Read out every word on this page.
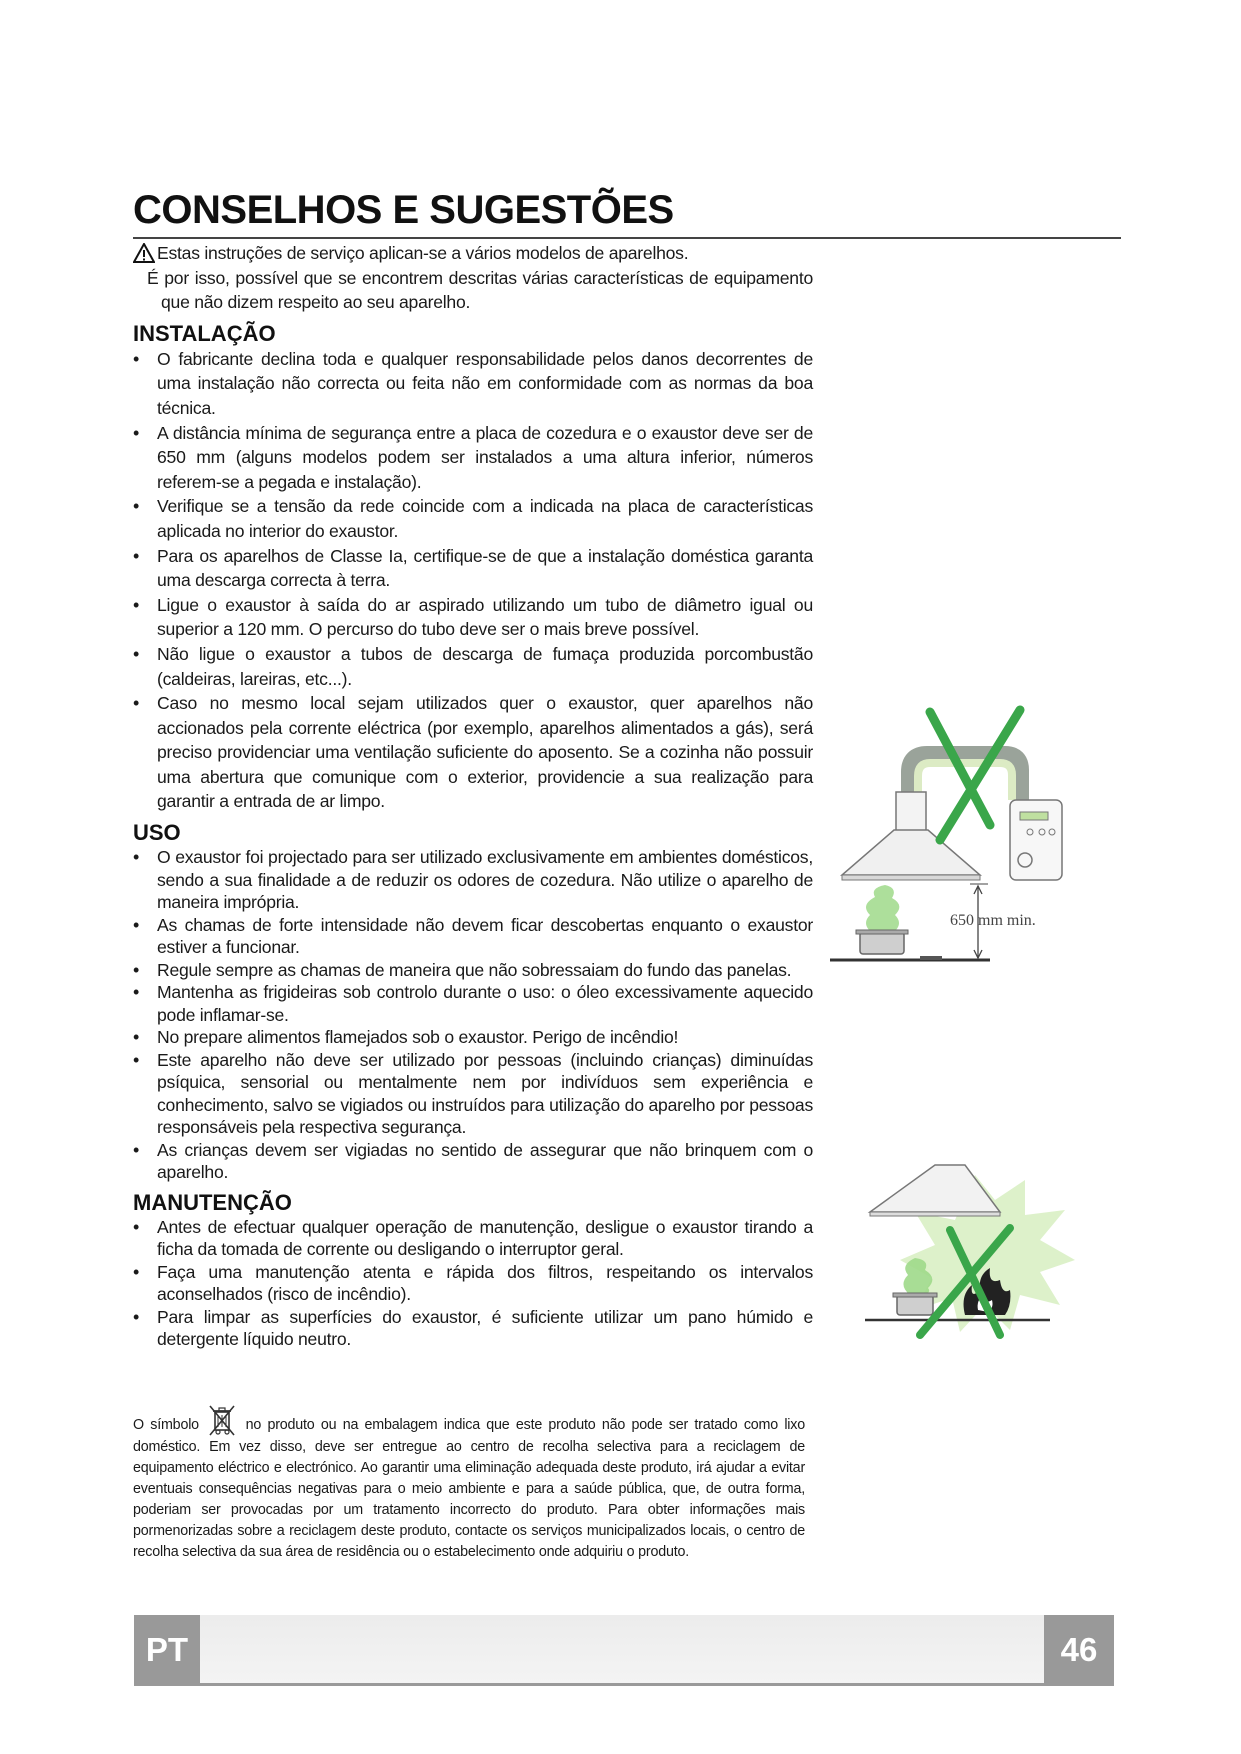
CONSELHOS E SUGESTÕES

Estas instruções de serviço aplican-se a vários modelos de aparelhos.

É por isso, possível que se encontrem descritas várias características de equipamento que não dizem respeito ao seu aparelho.

INSTALAÇÃO
• O fabricante declina toda e qualquer responsabilidade pelos danos decorrentes de uma instalação não correcta ou feita não em conformidade com as normas da boa técnica.
• A distância mínima de segurança entre a placa de cozedura e o exaustor deve ser de 650 mm (alguns modelos podem ser instalados a uma altura inferior, números referem-se a pegada e instalação).
• Verifique se a tensão da rede coincide com a indicada na placa de características aplicada no interior do exaustor.
• Para os aparelhos de Classe Ia, certifique-se de que a instalação doméstica garanta uma descarga correcta à terra.
• Ligue o exaustor à saída do ar aspirado utilizando um tubo de diâmetro igual ou superior a 120 mm. O percurso do tubo deve ser o mais breve possível.
• Não ligue o exaustor a tubos de descarga de fumaça produzida porcombustão (caldeiras, lareiras, etc...).
• Caso no mesmo local sejam utilizados quer o exaustor, quer aparelhos não accionados pela corrente eléctrica (por exemplo, aparelhos alimentados a gás), será preciso providenciar uma ventilação suficiente do aposento. Se a cozinha não possuir uma abertura que comunique com o exterior, providencie a sua realização para garantir a entrada de ar limpo.
USO
• O exaustor foi projectado para ser utilizado exclusivamente em ambientes domésticos, sendo a sua finalidade a de reduzir os odores de cozedura. Não utilize o aparelho de maneira imprópria.
• As chamas de forte intensidade não devem ficar descobertas enquanto o exaustor estiver a funcionar.
• Regule sempre as chamas de maneira que não sobressaiam do fundo das panelas.
• Mantenha as frigideiras sob controlo durante o uso: o óleo excessivamente aquecido pode inflamar-se.
• No prepare alimentos flamejados sob o exaustor. Perigo de incêndio!
• Este aparelho não deve ser utilizado por pessoas (incluindo crianças) diminuídas psíquica, sensorial ou mentalmente nem por indivíduos sem experiência e conhecimento, salvo se vigiados ou instruídos para utilização do aparelho por pessoas responsáveis pela respectiva segurança.
• As crianças devem ser vigiadas no sentido de assegurar que não brinquem com o aparelho.
MANUTENÇÃO
• Antes de efectuar qualquer operação de manutenção, desligue o exaustor tirando a ficha da tomada de corrente ou desligando o interruptor geral.
• Faça uma manutenção atenta e rápida dos filtros, respeitando os intervalos aconselhados (risco de incêndio).
• Para limpar as superfícies do exaustor, é suficiente utilizar um pano húmido e detergente líquido neutro.

O símbolo	no produto ou na embalagem indica que este produto não pode ser tratado como lixo doméstico. Em vez disso, deve ser entregue ao centro de recolha selectiva para a reciclagem de equipamento eléctrico e electrónico. Ao garantir uma eliminação adequada deste produto, irá ajudar a evitar eventuais consequências negativas para o meio ambiente e para a saúde pública, que, de outra forma, poderiam ser provocadas por um tratamento incorrecto do produto. Para obter informações mais pormenorizadas sobre a reciclagem deste produto, contacte os serviços municipalizados locais, o centro de recolha selectiva da sua área de residência ou o estabelecimento onde adquiriu o produto.

650 mm min.
PT	46
